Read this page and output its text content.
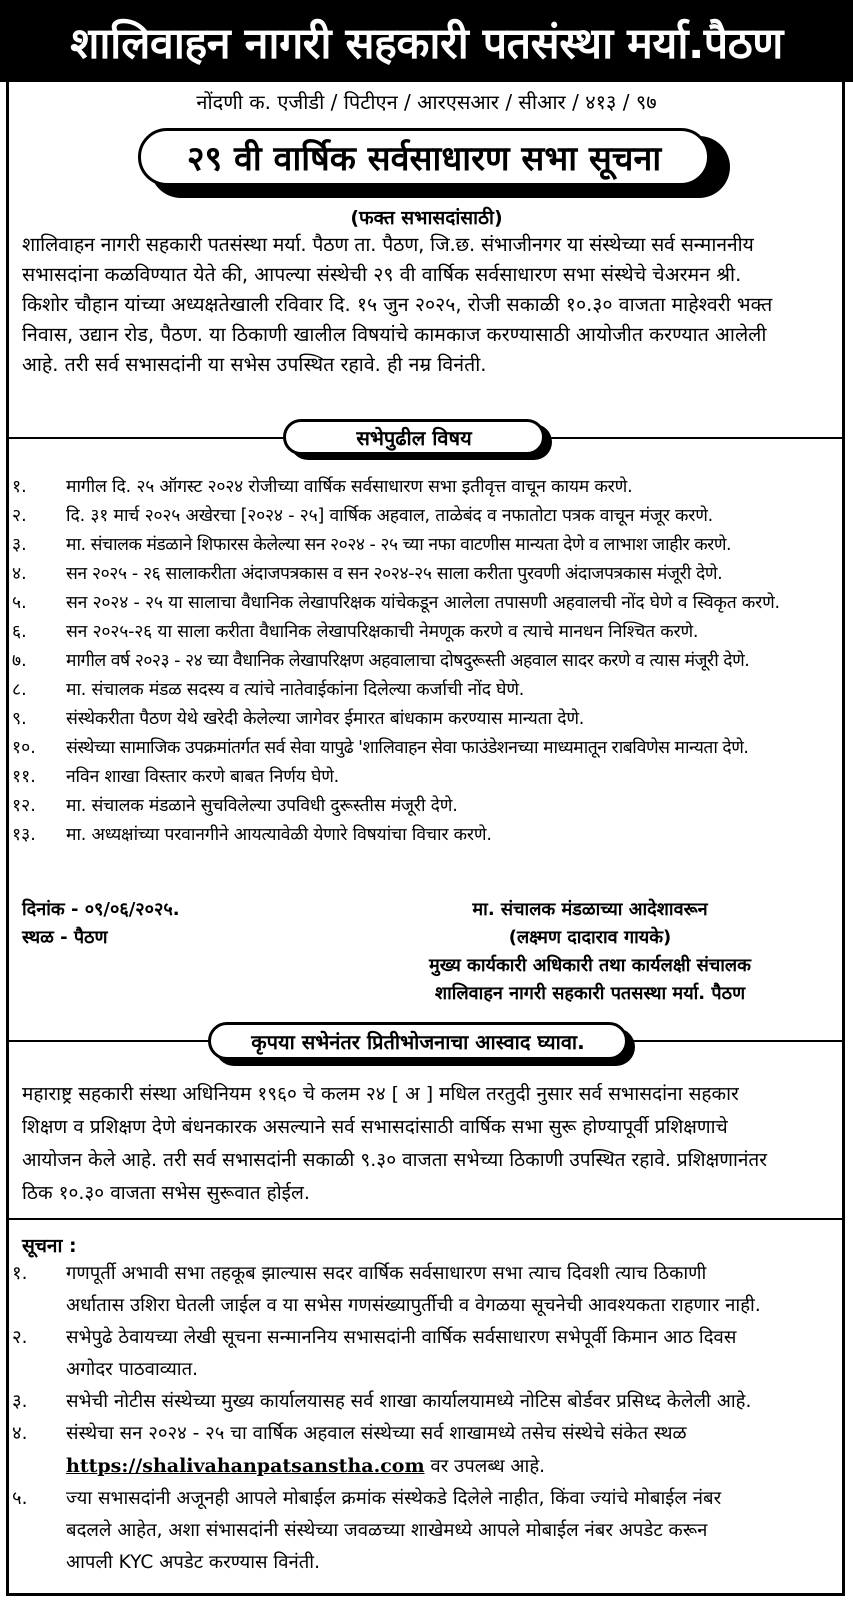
शालिवाहन नागरी सहकारी पतसंस्था मर्या.पैठण
नोंदणी क. एजीडी / पिटीएन / आरएसआर / सीआर / ४१३ / ९७
२९ वी वार्षिक सर्वसाधारण सभा सूचना
(फक्त सभासदांसाठी)
शालिवाहन नागरी सहकारी पतसंस्था मर्या. पैठण ता. पैठण, जि.छ. संभाजीनगर या संस्थेच्या सर्व सन्माननीय
सभासदांना कळविण्यात येते की, आपल्या संस्थेची २९ वी वार्षिक सर्वसाधारण सभा संस्थेचे चेअरमन श्री.
किशोर चौहान यांच्या अध्यक्षतेखाली रविवार दि. १५ जुन २०२५, रोजी सकाळी १०.३० वाजता माहेश्वरी भक्त
निवास, उद्यान रोड, पैठण. या ठिकाणी खालील विषयांचे कामकाज करण्यासाठी आयोजीत करण्यात आलेली
आहे. तरी सर्व सभासदांनी या सभेस उपस्थित रहावे. ही नम्र विनंती.
सभेपुढील विषय
१.	मागील दि. २५ ऑगस्ट २०२४ रोजीच्या वार्षिक सर्वसाधारण सभा इतीवृत्त वाचून कायम करणे.
२.	दि. ३१ मार्च २०२५ अखेरचा [२०२४ - २५] वार्षिक अहवाल, ताळेबंद व नफातोटा पत्रक वाचून मंजूर करणे.
३.	मा. संचालक मंडळाने शिफारस केलेल्या सन २०२४ - २५ च्या नफा वाटणीस मान्यता देणे व लाभाश जाहीर करणे.
४.	सन २०२५ - २६ सालाकरीता अंदाजपत्रकास व सन २०२४-२५ साला करीता पुरवणी अंदाजपत्रकास मंजूरी देणे.
५.	सन २०२४ - २५ या सालाचा वैधानिक लेखापरिक्षक यांचेकडून आलेला तपासणी अहवालची नोंद घेणे व स्विकृत करणे.
६.	सन २०२५-२६ या साला करीता वैधानिक लेखापरिक्षकाची नेमणूक करणे व त्याचे मानधन निश्चित करणे.
७.	मागील वर्ष २०२३ - २४ च्या वैधानिक लेखापरिक्षण अहवालाचा दोषदुरूस्ती अहवाल सादर करणे व त्यास मंजूरी देणे.
८.	मा. संचालक मंडळ सदस्य व त्यांचे नातेवाईकांना दिलेल्या कर्जाची नोंद घेणे.
९.	संस्थेकरीता पैठण येथे खरेदी केलेल्या जागेवर ईमारत बांधकाम करण्यास मान्यता देणे.
१०.	संस्थेच्या सामाजिक उपक्रमांतर्गत सर्व सेवा यापुढे 'शालिवाहन सेवा फाउंडेशनच्या माध्यमातून राबविणेस मान्यता देणे.
११.	नविन शाखा विस्तार करणे बाबत निर्णय घेणे.
१२.	मा. संचालक मंडळाने सुचविलेल्या उपविधी दुरूस्तीस मंजूरी देणे.
१३.	मा. अध्यक्षांच्या परवानगीने आयत्यावेळी येणारे विषयांचा विचार करणे.
दिनांक - ०९/०६/२०२५.
स्थळ - पैठण
मा. संचालक मंडळाच्या आदेशावरून
(लक्ष्मण दादाराव गायके)
मुख्य कार्यकारी अधिकारी तथा कार्यलक्षी संचालक
शालिवाहन नागरी सहकारी पतसस्था मर्या. पैठण
कृपया सभेनंतर प्रितीभोजनाचा आस्वाद घ्यावा.
महाराष्ट्र सहकारी संस्था अधिनियम १९६० चे कलम २४ [ अ ] मधिल तरतुदी नुसार सर्व सभासदांना सहकार
शिक्षण व प्रशिक्षण देणे बंधनकारक असल्याने सर्व सभासदांसाठी वार्षिक सभा सुरू होण्यापूर्वी प्रशिक्षणाचे
आयोजन केले आहे. तरी सर्व सभासदांनी सकाळी ९.३० वाजता सभेच्या ठिकाणी उपस्थित रहावे. प्रशिक्षणानंतर
ठिक १०.३० वाजता सभेस सुरूवात होईल.
सूचना :
१.	गणपूर्ती अभावी सभा तहकूब झाल्यास सदर वार्षिक सर्वसाधारण सभा त्याच दिवशी त्याच ठिकाणी
अर्धातास उशिरा घेतली जाईल व या सभेस गणसंख्यापुर्तीची व वेगळया सूचनेची आवश्यकता राहणार नाही.
२.	सभेपुढे ठेवायच्या लेखी सूचना सन्माननिय सभासदांनी वार्षिक सर्वसाधारण सभेपूर्वी किमान आठ दिवस
अगोदर पाठवाव्यात.
३.	सभेची नोटीस संस्थेच्या मुख्य कार्यालयासह सर्व शाखा कार्यालयामध्ये नोटिस बोर्डवर प्रसिध्द केलेली आहे.
४.	संस्थेचा सन २०२४ - २५ चा वार्षिक अहवाल संस्थेच्या सर्व शाखामध्ये तसेच संस्थेचे संकेत स्थळ
https://shalivahanpatsanstha.com वर उपलब्ध आहे.
५.	ज्या सभासदांनी अजूनही आपले मोबाईल क्रमांक संस्थेकडे दिलेले नाहीत, किंवा ज्यांचे मोबाईल नंबर
बदलले आहेत, अशा संभासदांनी संस्थेच्या जवळच्या शाखेमध्ये आपले मोबाईल नंबर अपडेट करून
आपली KYC अपडेट करण्यास विनंती.
